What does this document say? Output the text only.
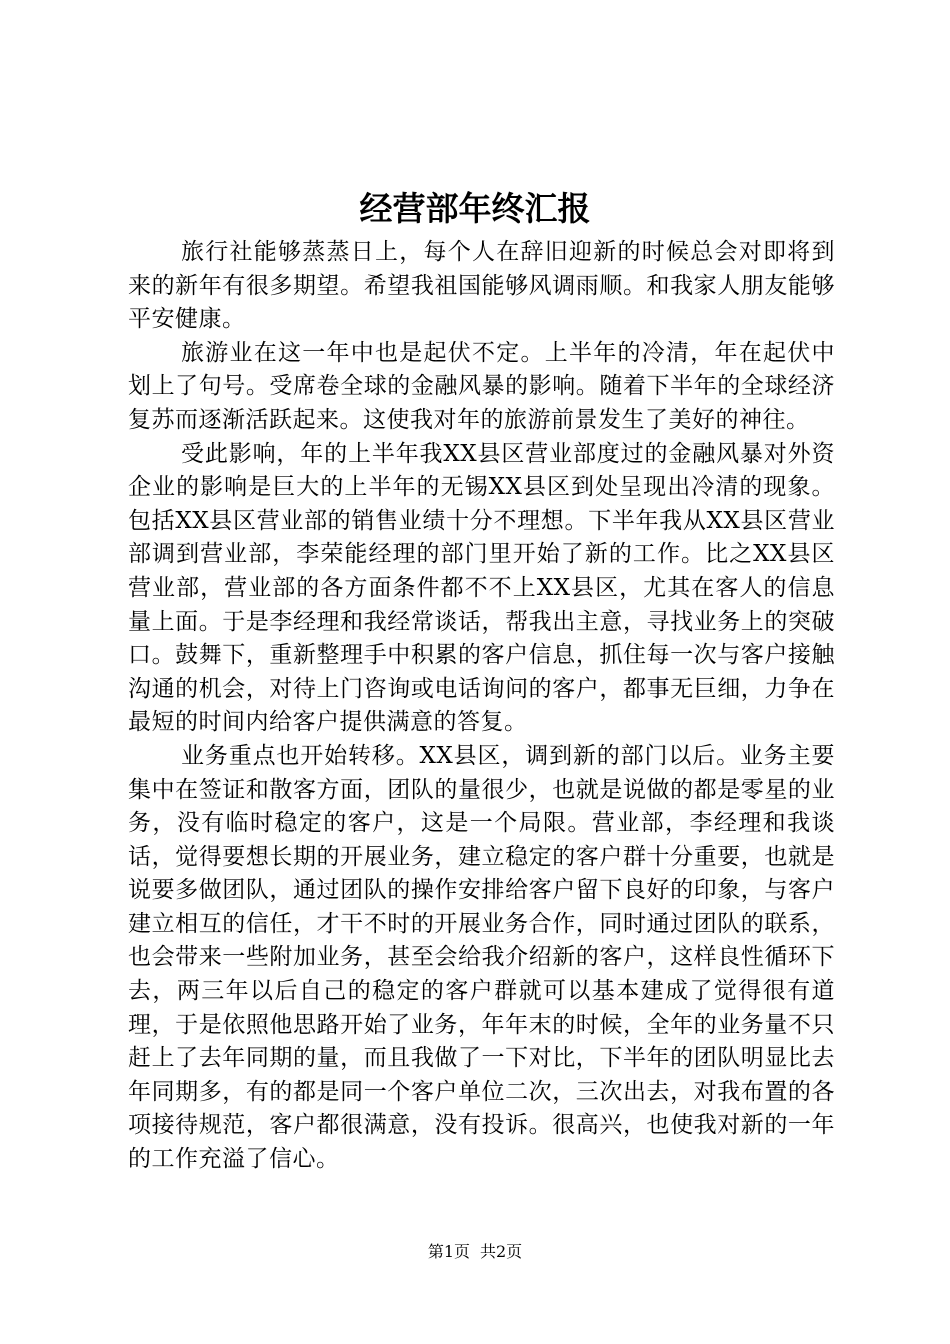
经营部年终汇报

旅行社能够蒸蒸日上，每个人在辞旧迎新的时候总会对即将到来的新年有很多期望。希望我祖国能够风调雨顺。和我家人朋友能够平安健康。

旅游业在这一年中也是起伏不定。上半年的冷清，年在起伏中划上了句号。受席卷全球的金融风暴的影响。随着下半年的全球经济复苏而逐渐活跃起来。这使我对年的旅游前景发生了美好的神往。

受此影响，年的上半年我XX县区营业部度过的金融风暴对外资企业的影响是巨大的上半年的无锡XX县区到处呈现出冷清的现象。包括XX县区营业部的销售业绩十分不理想。下半年我从XX县区营业部调到营业部，李荣能经理的部门里开始了新的工作。比之XX县区营业部，营业部的各方面条件都不不上XX县区，尤其在客人的信息量上面。于是李经理和我经常谈话，帮我出主意，寻找业务上的突破口。鼓舞下，重新整理手中积累的客户信息，抓住每一次与客户接触沟通的机会，对待上门咨询或电话询问的客户，都事无巨细，力争在最短的时间内给客户提供满意的答复。

业务重点也开始转移。XX县区，调到新的部门以后。业务主要集中在签证和散客方面，团队的量很少，也就是说做的都是零星的业务，没有临时稳定的客户，这是一个局限。营业部，李经理和我谈话，觉得要想长期的开展业务，建立稳定的客户群十分重要，也就是说要多做团队，通过团队的操作安排给客户留下良好的印象，与客户建立相互的信任，才干不时的开展业务合作，同时通过团队的联系，也会带来一些附加业务，甚至会给我介绍新的客户，这样良性循环下去，两三年以后自己的稳定的客户群就可以基本建成了觉得很有道理，于是依照他思路开始了业务，年年末的时候，全年的业务量不只赶上了去年同期的量，而且我做了一下对比，下半年的团队明显比去年同期多，有的都是同一个客户单位二次，三次出去，对我布置的各项接待规范，客户都很满意，没有投诉。很高兴，也使我对新的一年的工作充溢了信心。

第1页 共2页
